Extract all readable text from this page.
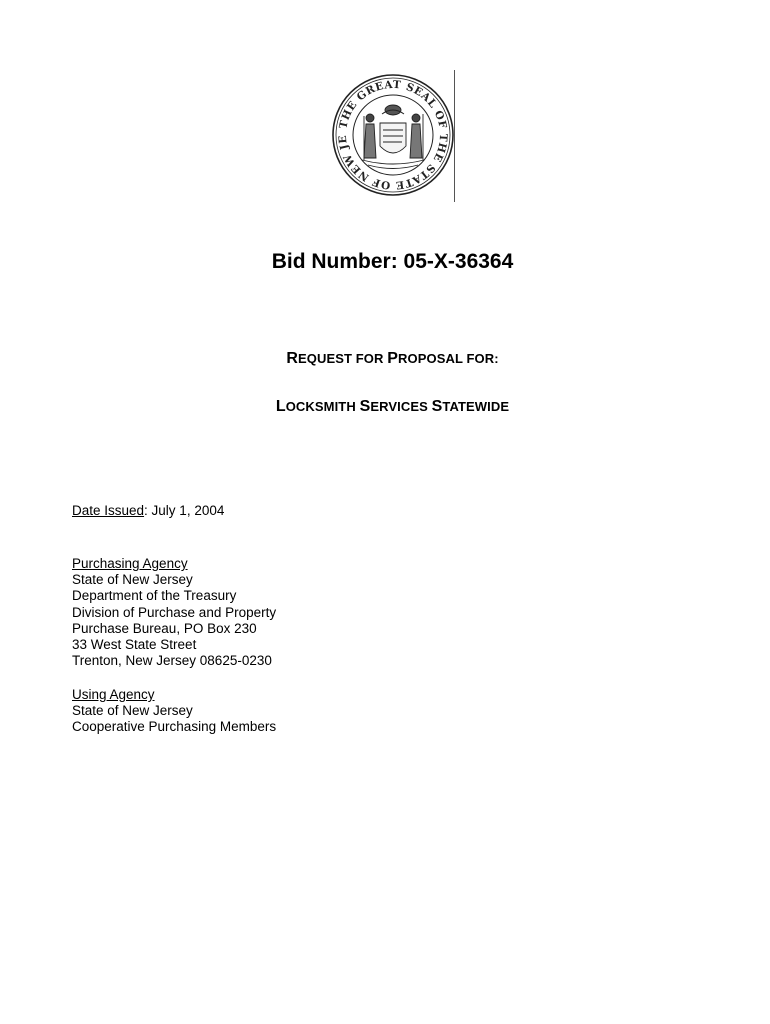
THE GREAT SEAL OF THE STATE OF NEW JE
Bid Number: 05-X-36364
REQUEST FOR PROPOSAL FOR:
LOCKSMITH SERVICES STATEWIDE
Date Issued: July 1, 2004
Purchasing Agency
State of New Jersey
Department of the Treasury
Division of Purchase and Property
Purchase Bureau, PO Box 230
33 West State Street
Trenton, New Jersey 08625-0230
Using Agency
State of New Jersey
Cooperative Purchasing Members
